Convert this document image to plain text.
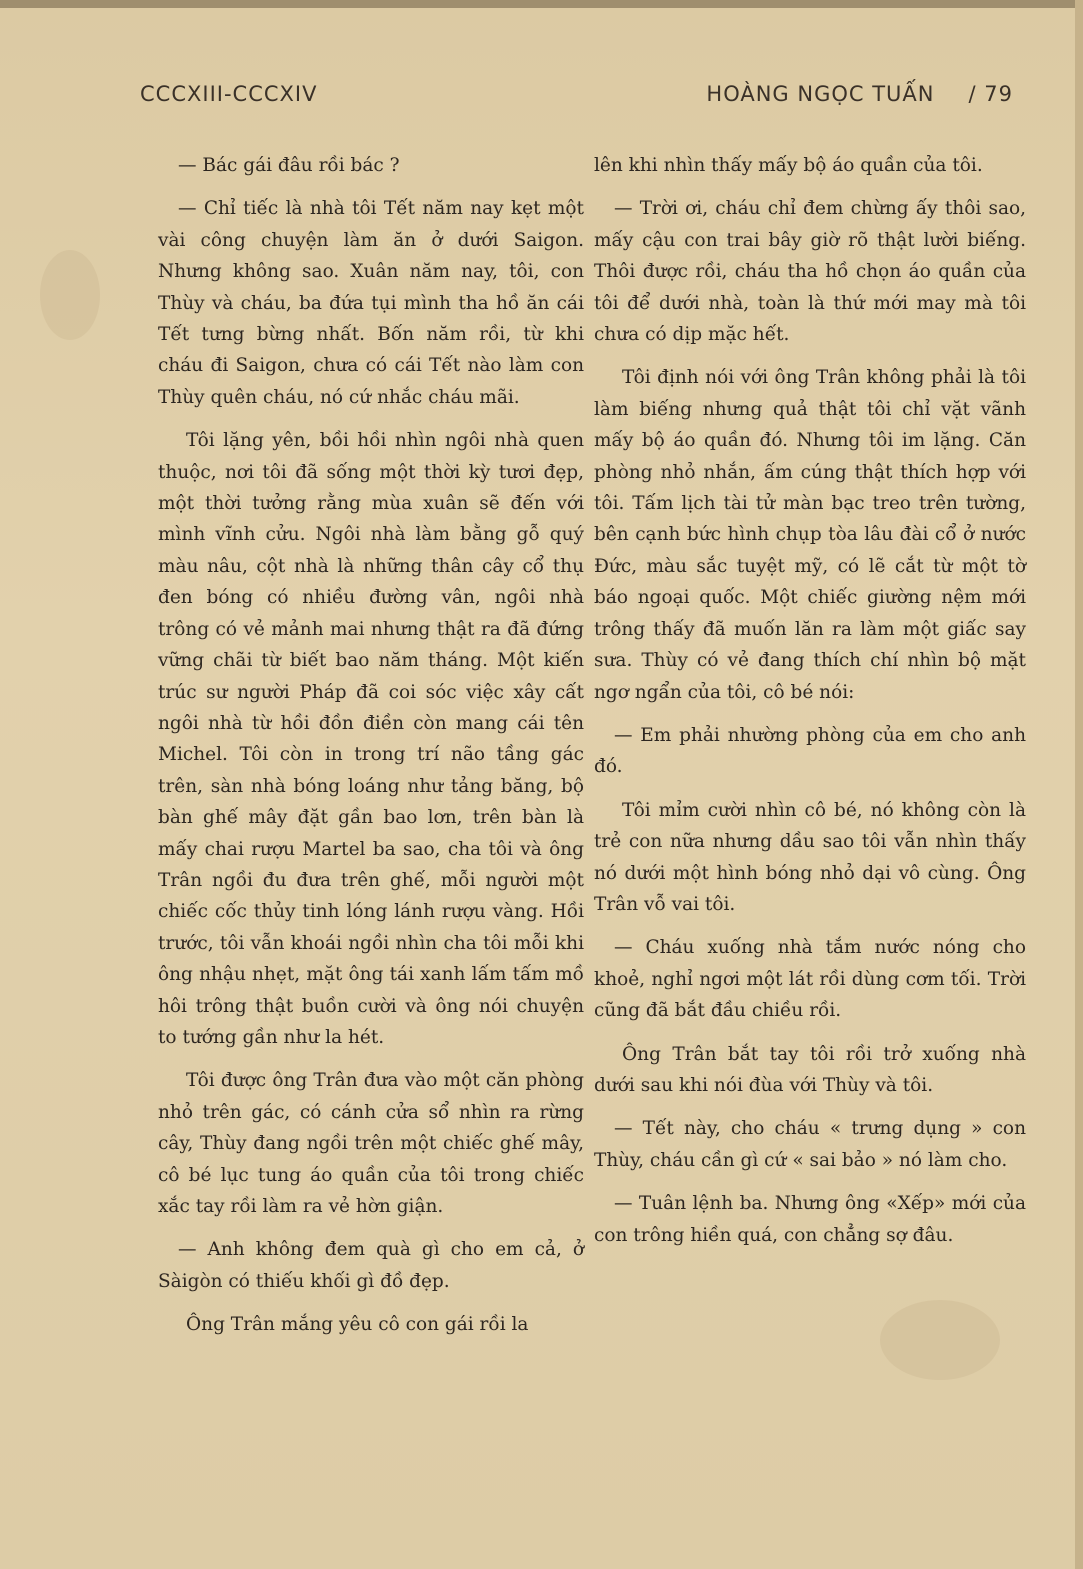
CCCXIII-CCCXIV	HOÀNG NGỌC TUẤN / 79

— Bác gái đâu rồi bác ?

— Chỉ tiếc là nhà tôi Tết năm nay kẹt một vài công chuyện làm ăn ở dưới Saigon. Nhưng không sao. Xuân năm nay, tôi, con Thùy và cháu, ba đứa tụi mình tha hồ ăn cái Tết tưng bừng nhất. Bốn năm rồi, từ khi cháu đi Saigon, chưa có cái Tết nào làm con Thùy quên cháu, nó cứ nhắc cháu mãi.

Tôi lặng yên, bồi hồi nhìn ngôi nhà quen thuộc, nơi tôi đã sống một thời kỳ tươi đẹp, một thời tưởng rằng mùa xuân sẽ đến với mình vĩnh cửu. Ngôi nhà làm bằng gỗ quý màu nâu, cột nhà là những thân cây cổ thụ đen bóng có nhiều đường vân, ngôi nhà trông có vẻ mảnh mai nhưng thật ra đã đứng vững chãi từ biết bao năm tháng. Một kiến trúc sư người Pháp đã coi sóc việc xây cất ngôi nhà từ hồi đồn điền còn mang cái tên Michel. Tôi còn in trong trí não tầng gác trên, sàn nhà bóng loáng như tảng băng, bộ bàn ghế mây đặt gần bao lơn, trên bàn là mấy chai rượu Martel ba sao, cha tôi và ông Trân ngồi đu đưa trên ghế, mỗi người một chiếc cốc thủy tinh lóng lánh rượu vàng. Hồi trước, tôi vẫn khoái ngồi nhìn cha tôi mỗi khi ông nhậu nhẹt, mặt ông tái xanh lấm tấm mồ hôi trông thật buồn cười và ông nói chuyện to tướng gần như la hét.

Tôi được ông Trân đưa vào một căn phòng nhỏ trên gác, có cánh cửa sổ nhìn ra rừng cây, Thùy đang ngồi trên một chiếc ghế mây, cô bé lục tung áo quần của tôi trong chiếc xắc tay rồi làm ra vẻ hờn giận.

— Anh không đem quà gì cho em cả, ở Sàigòn có thiếu khối gì đồ đẹp.

Ông Trân mắng yêu cô con gái rồi la

lên khi nhìn thấy mấy bộ áo quần của tôi.

— Trời ơi, cháu chỉ đem chừng ấy thôi sao, mấy cậu con trai bây giờ rõ thật lười biếng. Thôi được rồi, cháu tha hồ chọn áo quần của tôi để dưới nhà, toàn là thứ mới may mà tôi chưa có dịp mặc hết.

Tôi định nói với ông Trân không phải là tôi làm biếng nhưng quả thật tôi chỉ vặt vãnh mấy bộ áo quần đó. Nhưng tôi im lặng. Căn phòng nhỏ nhắn, ấm cúng thật thích hợp với tôi. Tấm lịch tài tử màn bạc treo trên tường, bên cạnh bức hình chụp tòa lâu đài cổ ở nước Đức, màu sắc tuyệt mỹ, có lẽ cắt từ một tờ báo ngoại quốc. Một chiếc giường nệm mới trông thấy đã muốn lăn ra làm một giấc say sưa. Thùy có vẻ đang thích chí nhìn bộ mặt ngơ ngẩn của tôi, cô bé nói:

— Em phải nhường phòng của em cho anh đó.

Tôi mỉm cười nhìn cô bé, nó không còn là trẻ con nữa nhưng dầu sao tôi vẫn nhìn thấy nó dưới một hình bóng nhỏ dại vô cùng. Ông Trân vỗ vai tôi.

— Cháu xuống nhà tắm nước nóng cho khoẻ, nghỉ ngơi một lát rồi dùng cơm tối. Trời cũng đã bắt đầu chiều rồi.

Ông Trân bắt tay tôi rồi trở xuống nhà dưới sau khi nói đùa với Thùy và tôi.

— Tết này, cho cháu « trưng dụng » con Thùy, cháu cần gì cứ « sai bảo » nó làm cho.

— Tuân lệnh ba. Nhưng ông «Xếp» mới của con trông hiền quá, con chẳng sợ đâu.
